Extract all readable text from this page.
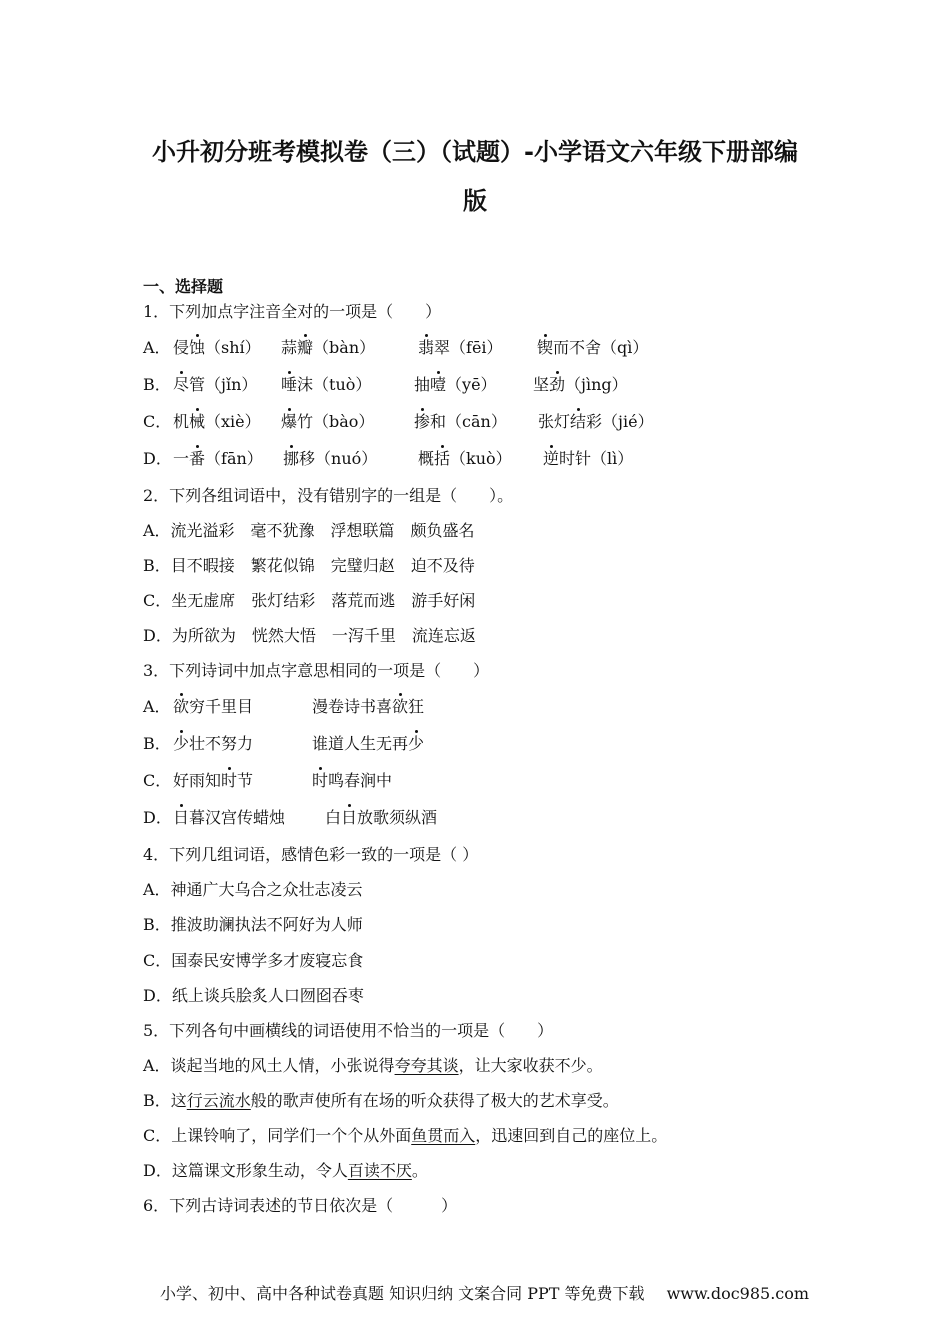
小升初分班考模拟卷（三）（试题）-小学语文六年级下册部编
版
一、选择题
1．下列加点字注音全对的一项是（　　）
A． 侵蚀（shí） 蒜瓣（bàn）	翡翠（fēi） 锲而不舍（qì）
B． 尽管（jǐn） 唾沫（tuò）	抽噎（yē） 坚劲（jìng）
C． 机械（xiè） 爆竹（bào） 掺和（cān） 张灯结彩（jié）
D． 一番（fān） 挪移（nuó）	概括（kuò） 逆时针（lì）
2．下列各组词语中，没有错别字的一组是（　　）。
A．流光溢彩　毫不犹豫　浮想联篇　颇负盛名
B．目不暇接　繁花似锦　完璧归赵　迫不及待
C．坐无虚席　张灯结彩　落荒而逃　游手好闲
D．为所欲为　恍然大悟　一泻千里　流连忘返
3．下列诗词中加点字意思相同的一项是（　　）
A． 欲穷千里目	漫卷诗书喜欲狂
B． 少壮不努力	谁道人生无再少
C． 好雨知时节	时鸣春涧中
D． 日暮汉宫传蜡烛 白日放歌须纵酒
4．下列几组词语，感情色彩一致的一项是（ ）
A．神通广大乌合之众壮志凌云
B．推波助澜执法不阿好为人师
C．国泰民安博学多才废寝忘食
D．纸上谈兵脍炙人口囫囵吞枣
5．下列各句中画横线的词语使用不恰当的一项是（　　）
A．谈起当地的风土人情，小张说得夸夸其谈，让大家收获不少。
B．这行云流水般的歌声使所有在场的听众获得了极大的艺术享受。
C．上课铃响了，同学们一个个从外面鱼贯而入，迅速回到自己的座位上。
D．这篇课文形象生动，令人百读不厌。
6．下列古诗词表述的节日依次是（　　　）
小学、初中、高中各种试卷真题 知识归纳 文案合同 PPT 等免费下载 www.doc985.com
